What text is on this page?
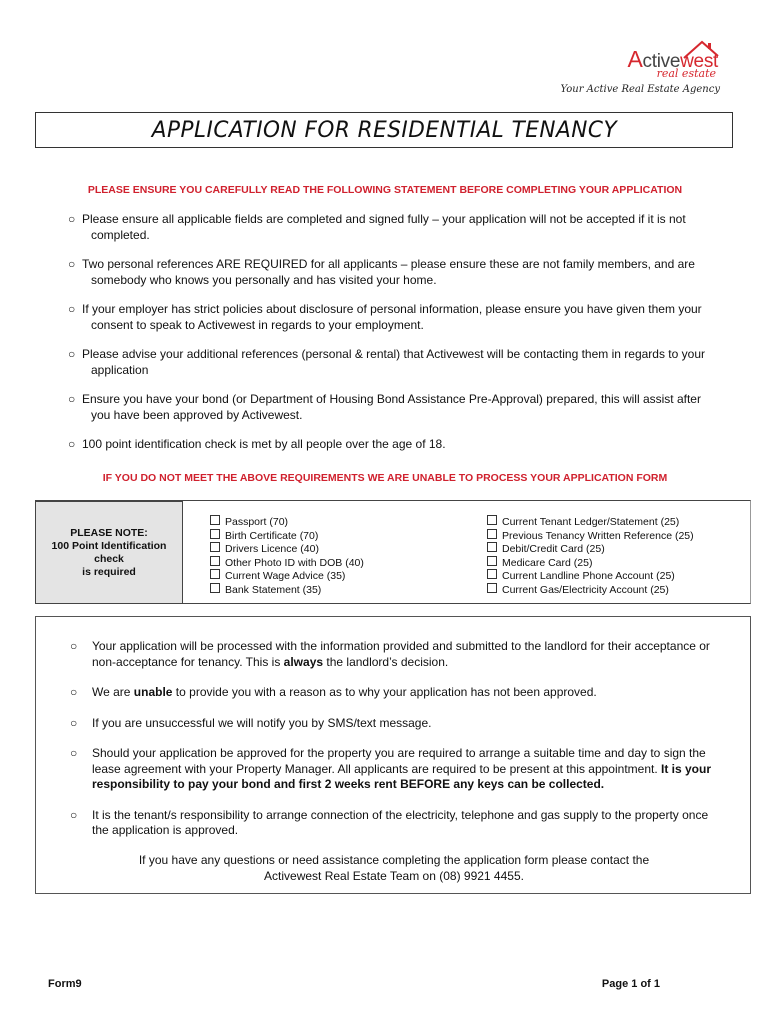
Activewest
real estate
Your Active Real Estate Agency
APPLICATION FOR RESIDENTIAL TENANCY
PLEASE ENSURE YOU CAREFULLY READ THE FOLLOWING STATEMENT BEFORE COMPLETING YOUR APPLICATION
○ Please ensure all applicable fields are completed and signed fully – your application will not be accepted if it is not completed.
○ Two personal references ARE REQUIRED for all applicants – please ensure these are not family members, and are somebody who knows you personally and has visited your home.
○ If your employer has strict policies about disclosure of personal information, please ensure you have given them your consent to speak to Activewest in regards to your employment.
○ Please advise your additional references (personal & rental) that Activewest will be contacting them in regards to your application
○ Ensure you have your bond (or Department of Housing Bond Assistance Pre-Approval) prepared, this will assist after you have been approved by Activewest.
○ 100 point identification check is met by all people over the age of 18.
IF YOU DO NOT MEET THE ABOVE REQUIREMENTS WE ARE UNABLE TO PROCESS YOUR APPLICATION FORM
PLEASE NOTE:
100 Point Identification check
is required
Passport (70)
Birth Certificate (70)
Drivers Licence (40)
Other Photo ID with DOB (40)
Current Wage Advice (35)
Bank Statement (35)
Current Tenant Ledger/Statement (25)
Previous Tenancy Written Reference (25)
Debit/Credit Card (25)
Medicare Card (25)
Current Landline Phone Account (25)
Current Gas/Electricity Account (25)
○ Your application will be processed with the information provided and submitted to the landlord for their acceptance or non-acceptance for tenancy. This is always the landlord’s decision.
○ We are unable to provide you with a reason as to why your application has not been approved.
○ If you are unsuccessful we will notify you by SMS/text message.
○ Should your application be approved for the property you are required to arrange a suitable time and day to sign the lease agreement with your Property Manager. All applicants are required to be present at this appointment. It is your responsibility to pay your bond and first 2 weeks rent BEFORE any keys can be collected.
○ It is the tenant/s responsibility to arrange connection of the electricity, telephone and gas supply to the property once the application is approved.
If you have any questions or need assistance completing the application form please contact the
Activewest Real Estate Team on (08) 9921 4455.
Form9	Page 1 of 1
